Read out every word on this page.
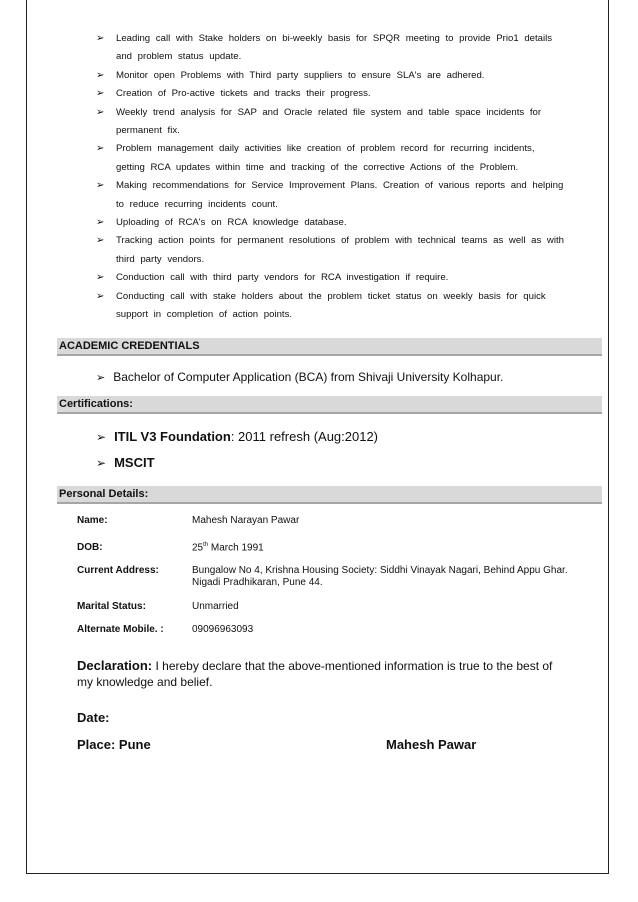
➢ Leading call with Stake holders on bi-weekly basis for SPQR meeting to provide Prio1 details and problem status update.
➢ Monitor open Problems with Third party suppliers to ensure SLA's are adhered.
➢ Creation of Pro-active tickets and tracks their progress.
➢ Weekly trend analysis for SAP and Oracle related file system and table space incidents for permanent fix.
➢ Problem management daily activities like creation of problem record for recurring incidents, getting RCA updates within time and tracking of the corrective Actions of the Problem.
➢ Making recommendations for Service Improvement Plans. Creation of various reports and helping to reduce recurring incidents count.
➢ Uploading of RCA's on RCA knowledge database.
➢ Tracking action points for permanent resolutions of problem with technical teams as well as with third party vendors.
➢ Conduction call with third party vendors for RCA investigation if require.
➢ Conducting call with stake holders about the problem ticket status on weekly basis for quick support in completion of action points.
ACADEMIC CREDENTIALS
➢ Bachelor of Computer Application (BCA) from Shivaji University Kolhapur.
Certifications:
➢ ITIL V3 Foundation: 2011 refresh (Aug:2012)
➢ MSCIT
Personal Details:
Name:	Mahesh Narayan Pawar
DOB:	25th March 1991
Current Address:	Bungalow No 4, Krishna Housing Society: Siddhi Vinayak Nagari, Behind Appu Ghar. Nigadi Pradhikaran, Pune 44.
Marital Status:	Unmarried
Alternate Mobile. :	09096963093
Declaration: I hereby declare that the above-mentioned information is true to the best of my knowledge and belief.
Date:
Place: Pune	Mahesh Pawar
